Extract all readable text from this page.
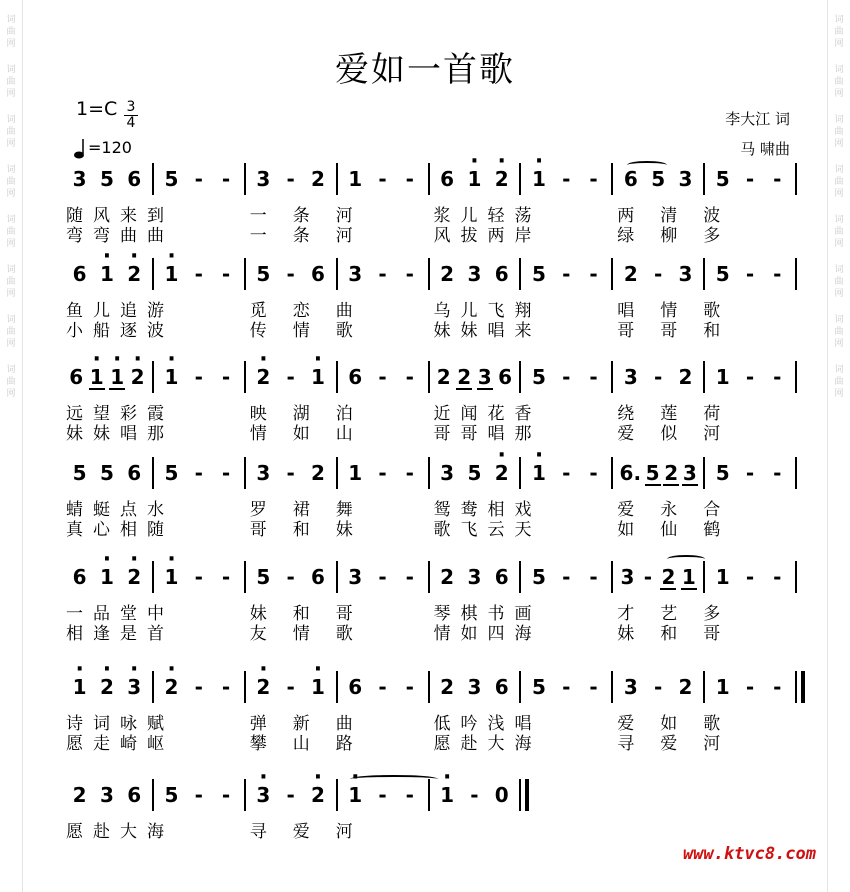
词
曲
网
词
曲
网
词
曲
网
词
曲
网
词
曲
网
词
曲
网
词
曲
网
词
曲
网
词
曲
网
词
曲
网
词
曲
网
词
曲
网
词
曲
网
词
曲
网
词
曲
网
词
曲
网
爱如一首歌
1=C 3
4
=120
李大江 词
马 啸曲
3 5 6 5 - - 3 - 2 1 - - 6 · 1 · 2 · 1 - - 6 5 3 5 - -
随风来到	一条河	浆儿轻荡	两清波
弯弯曲曲	一条河	风拔两岸	绿柳多
6 · 1 · 2 · 1 - - 5 - 6 3 - - 2 3 6 5 - - 2 - 3 5 - -
鱼儿追游	觅恋曲	乌儿飞翔	唱情歌
小船逐波	传情歌	妹妹唱来	哥哥和
6 · 1 · 1 · 2 · 1 - - · 2 - · 1 6 - - 2 2 3 6 5 - - 3 - 2 1 - -
远望彩霞	映湖泊	近闻花香	绕莲荷
妹妹唱那	情如山	哥哥唱那	爱似河
5 5 6 5 - - 3 - 2 1 - - 3 5 · 2 · 1 - - 6. 5 2 3 5 - -
蜻蜓点水	罗裙舞	鸳鸯相戏	爱永合
真心相随	哥和妹	歌飞云天	如仙鹤
6 · 1 · 2 · 1 - - 5 - 6 3 - - 2 3 6 5 - - 3 - 2 1 1 - -
一品堂中	妹和哥	琴棋书画	才艺多
相逢是首	友情歌	情如四海	妹和哥
· 1 · 2 · 3 · 2 - - · 2 - · 1 6 - - 2 3 6 5 - - 3 - 2 1 - -
诗词咏赋	弹新曲	低吟浅唱	爱如歌
愿走崎岖	攀山路	愿赴大海	寻爱河
2 3 6 5 - - · 3 - · 2 · 1 - - · 1 - 0
愿赴大海	寻爱河
www.ktvc8.com
